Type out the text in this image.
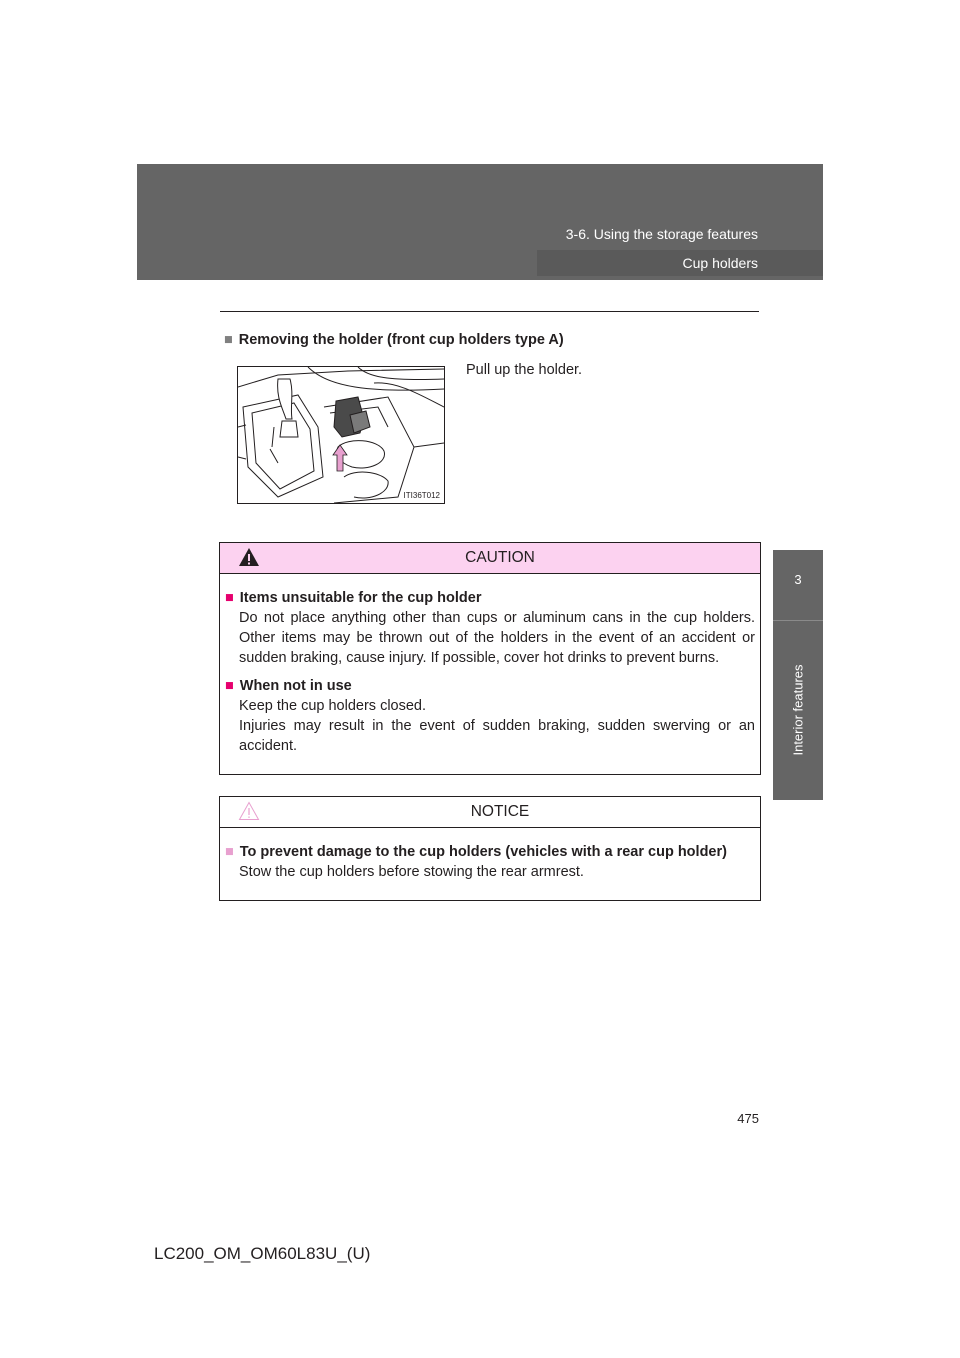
3-6. Using the storage features
Cup holders
3
Interior features
■ Removing the holder (front cup holders type A)
ITI36T012
Pull up the holder.
CAUTION
■ Items unsuitable for the cup holder
Do not place anything other than cups or aluminum cans in the cup holders. Other items may be thrown out of the holders in the event of an accident or sudden braking, cause injury. If possible, cover hot drinks to prevent burns.
■ When not in use
Keep the cup holders closed.
Injuries may result in the event of sudden braking, sudden swerving or an accident.
NOTICE
■ To prevent damage to the cup holders (vehicles with a rear cup holder)
Stow the cup holders before stowing the rear armrest.
475
LC200_OM_OM60L83U_(U)
